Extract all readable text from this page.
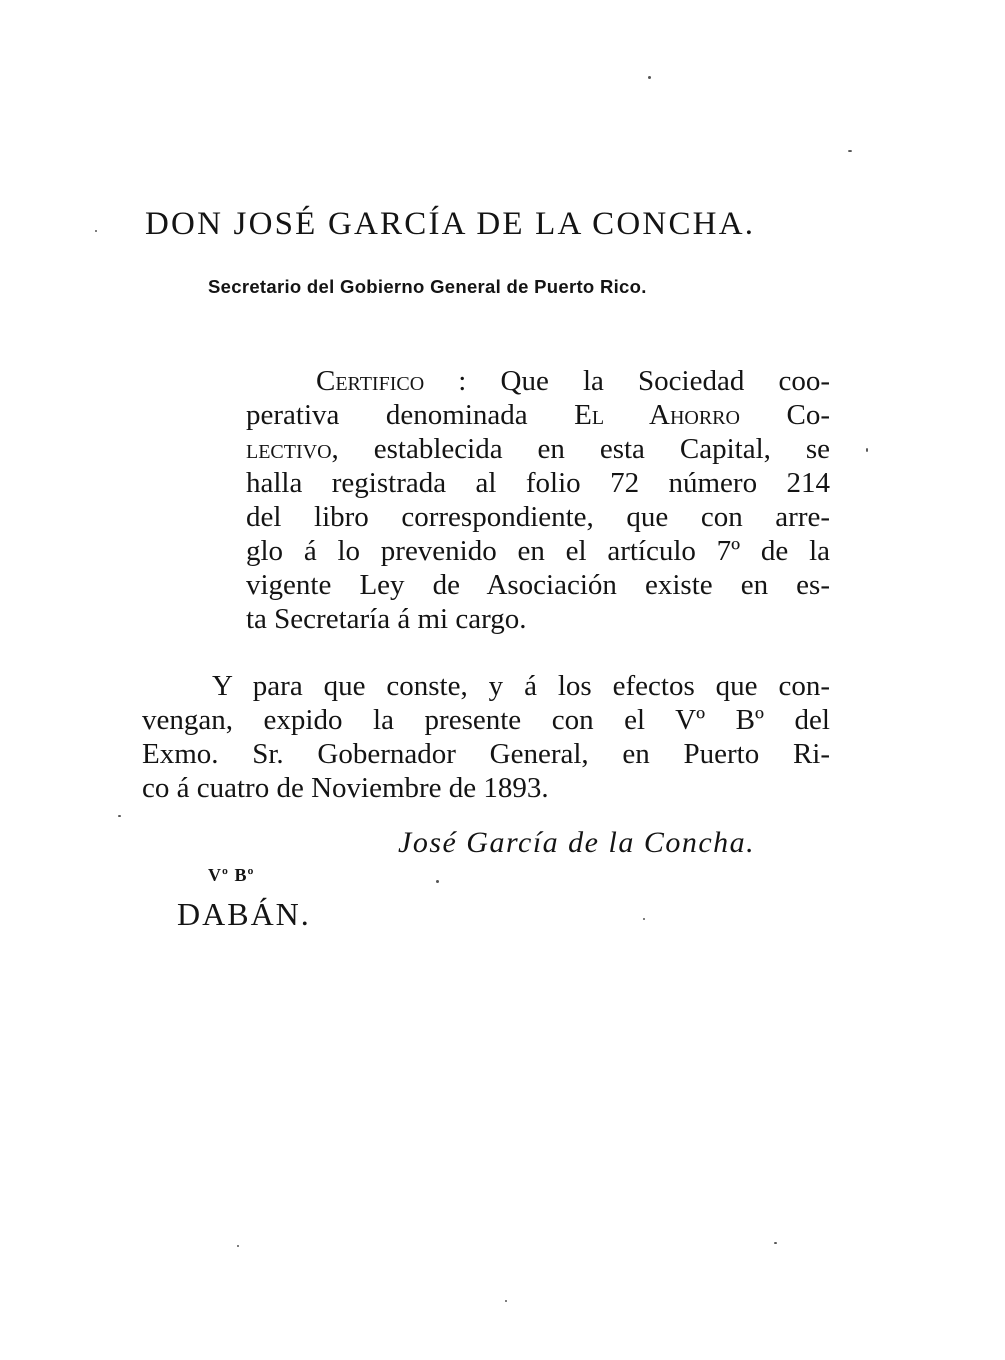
DON JOSÉ GARCÍA DE LA CONCHA.
Secretario del Gobierno General de Puerto Rico.
Certifico : Que la Sociedad coo-
perativa denominada El Ahorro Co-
lectivo, establecida en esta Capital, se
halla registrada al folio 72 número 214
del libro correspondiente, que con arre-
glo á lo prevenido en el artículo 7º de la
vigente Ley de Asociación existe en es-
ta Secretaría á mi cargo.
Y para que conste, y á los efectos que con-
vengan, expido la presente con el Vº Bº del
Exmo. Sr. Gobernador General, en Puerto Ri-
co á cuatro de Noviembre de 1893.
José García de la Concha.
Vº Bº
DABÁN.
